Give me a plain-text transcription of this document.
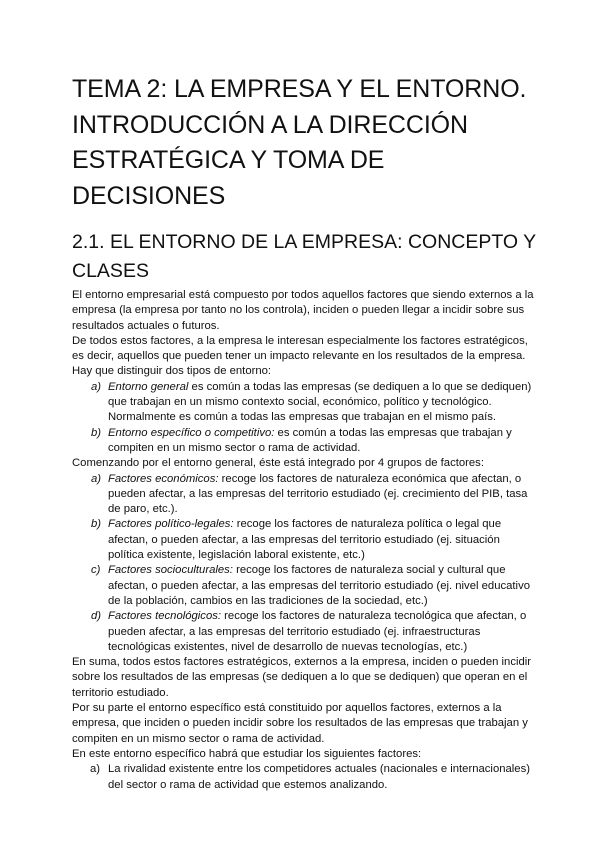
TEMA 2: LA EMPRESA Y EL ENTORNO. INTRODUCCIÓN A LA DIRECCIÓN ESTRATÉGICA Y TOMA DE DECISIONES
2.1. EL ENTORNO DE LA EMPRESA: CONCEPTO Y CLASES

El entorno empresarial está compuesto por todos aquellos factores que siendo externos a la empresa (la empresa por tanto no los controla), inciden o pueden llegar a incidir sobre sus resultados actuales o futuros.

De todos estos factores, a la empresa le interesan especialmente los factores estratégicos, es decir, aquellos que pueden tener un impacto relevante en los resultados de la empresa.

Hay que distinguir dos tipos de entorno:

a) Entorno general es común a todas las empresas (se dediquen a lo que se dediquen) que trabajan en un mismo contexto social, económico, político y tecnológico. Normalmente es común a todas las empresas que trabajan en el mismo país.
b) Entorno específico o competitivo: es común a todas las empresas que trabajan y compiten en un mismo sector o rama de actividad.

Comenzando por el entorno general, éste está integrado por 4 grupos de factores:

a) Factores económicos: recoge los factores de naturaleza económica que afectan, o pueden afectar, a las empresas del territorio estudiado (ej. crecimiento del PIB, tasa de paro, etc.).
b) Factores político-legales: recoge los factores de naturaleza política o legal que afectan, o pueden afectar, a las empresas del territorio estudiado (ej. situación política existente, legislación laboral existente, etc.)
c) Factores socioculturales: recoge los factores de naturaleza social y cultural que afectan, o pueden afectar, a las empresas del territorio estudiado (ej. nivel educativo de la población, cambios en las tradiciones de la sociedad, etc.)
d) Factores tecnológicos: recoge los factores de naturaleza tecnológica que afectan, o pueden afectar, a las empresas del territorio estudiado (ej. infraestructuras tecnológicas existentes, nivel de desarrollo de nuevas tecnologías, etc.)

En suma, todos estos factores estratégicos, externos a la empresa, inciden o pueden incidir sobre los resultados de las empresas (se dediquen a lo que se dediquen) que operan en el territorio estudiado.

Por su parte el entorno específico está constituido por aquellos factores, externos a la empresa, que inciden o pueden incidir sobre los resultados de las empresas que trabajan y compiten en un mismo sector o rama de actividad.

En este entorno específico habrá que estudiar los siguientes factores:

a) La rivalidad existente entre los competidores actuales (nacionales e internacionales) del sector o rama de actividad que estemos analizando.
